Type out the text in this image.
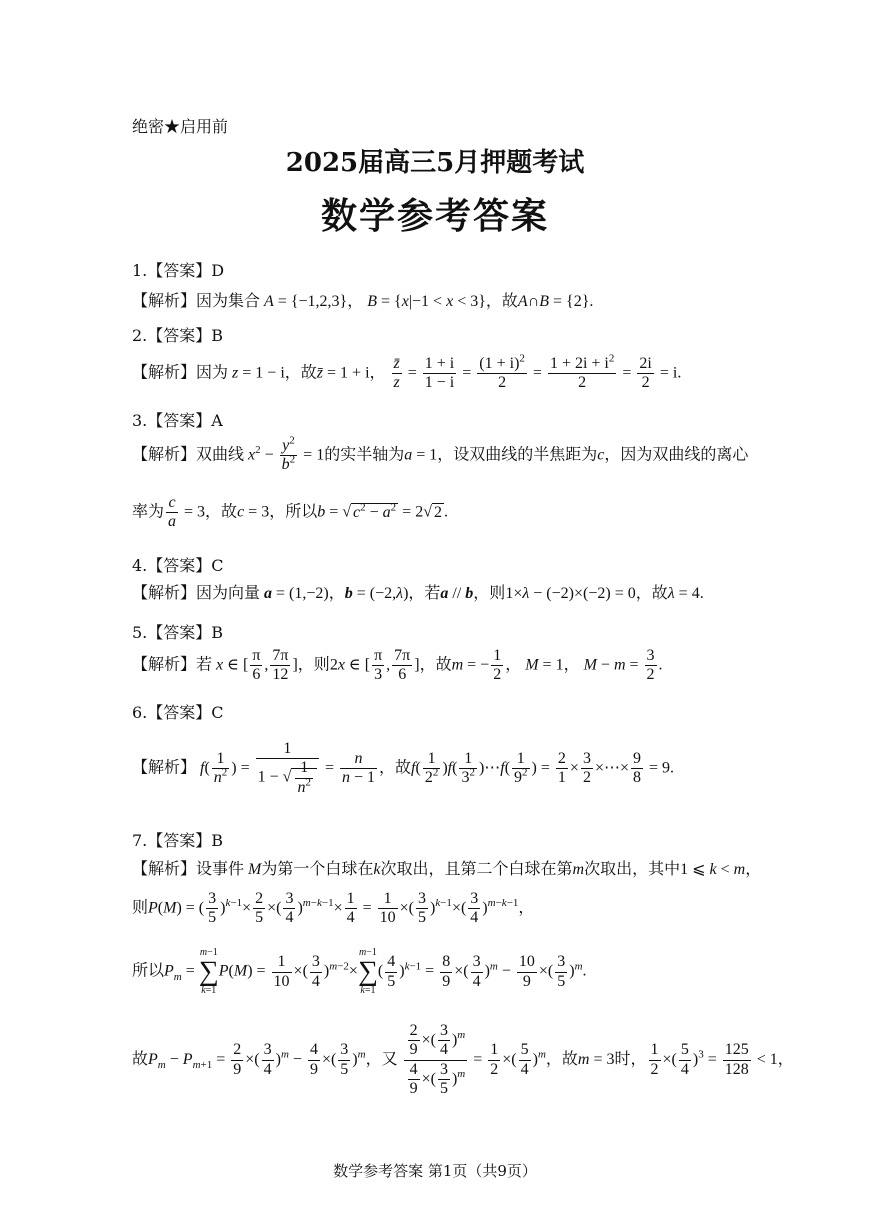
绝密★启用前
2025届高三5月押题考试
数学参考答案
1.【答案】D
【解析】因为集合 A = {−1,2,3}， B = {x|−1 < x < 3}，故A∩B = {2}.
2.【答案】B
【解析】因为 z = 1 − i，故z̄ = 1 + i， $\frac{z̄}{z} = \frac{1 + i}{1 - i} = \frac{(1 + i)^2}{2} = \frac{1 + 2i + i^2}{2} = \frac{2i}{2} = i$.
3.【答案】A
【解析】双曲线 $x^2 - \frac{y^2}{b^2} = 1$的实半轴为a = 1，设双曲线的半焦距为c，因为双曲线的离心
率为 $\frac{c}{a} = 3$，故c = 3，所以b = √ $c^2 - a^2 = 2√$ 2 .
4.【答案】C
【解析】因为向量 a = (1,−2)，b = (−2,λ)，若a // b，则1×λ − (−2)×(−2) = 0，故λ = 4.
5.【答案】B
【解析】若 x ∈ [ $\frac{\pi}{6}$ , $\frac{7\pi}{12}$ ]，则2x ∈ [ $\frac{\pi}{3}$ , $\frac{7\pi}{6}$ ]，故m = − $\frac{1}{2}$ ， M = 1， $M - m = \frac{3}{2}$ .
6.【答案】C
【解析】 $f( \frac{1}{n^2}$ ) = $\frac{1}{1 - √ \frac{1}{n^2}} = \frac{n}{n - 1}$ ，故$f( \frac{1}{2^2} )f( \frac{1}{3^2}$ )⋯f( $\frac{1}{9^2}$ ) = $\frac{2}{1} \times \frac{3}{2}$ ×⋯× $\frac{9}{8} = 9$.
7.【答案】B
【解析】设事件 M为第一个白球在k次取出，且第二个白球在第m次取出，其中1 ⩽ k < m，
则P(M) = ( $\frac{3}{5} )^{k-1}\times \frac{2}{5}$ ×( $\frac{3}{4} )^{m-k-1}\times \frac{1}{4} = \frac{1}{10}$ ×( $\frac{3}{5} )^{k-1}\times( \frac{3}{4} )^{m-k-1}$，
所以$P_m$ =
m−1
∑
k=1
$P(M) = \frac{1}{10}$ ×( $\frac{3}{4} )^{m-2}\times$
m−1
∑
k=1
( $\frac{4}{5} )^{k-1} = \frac{8}{9}$ ×( $\frac{3}{4} )^m - \frac{10}{9}$ ×( $\frac{3}{5} )^m$.
故$P_m - P_{m+1} = \frac{2}{9}$ ×( $\frac{3}{4} )^m - \frac{4}{9}$ ×( $\frac{3}{5} )^m$，又 $\frac{\frac{2}{9} \times( \frac{3}{4} )^m}{\frac{4}{9} \times( \frac{3}{5} )^m} = \frac{1}{2}$ ×( $\frac{5}{4} )^m$，故m = 3时， $\frac{1}{2}$ ×( $\frac{5}{4} )^3 = \frac{125}{128} < 1$，
数学参考答案 第1页（共9页）
